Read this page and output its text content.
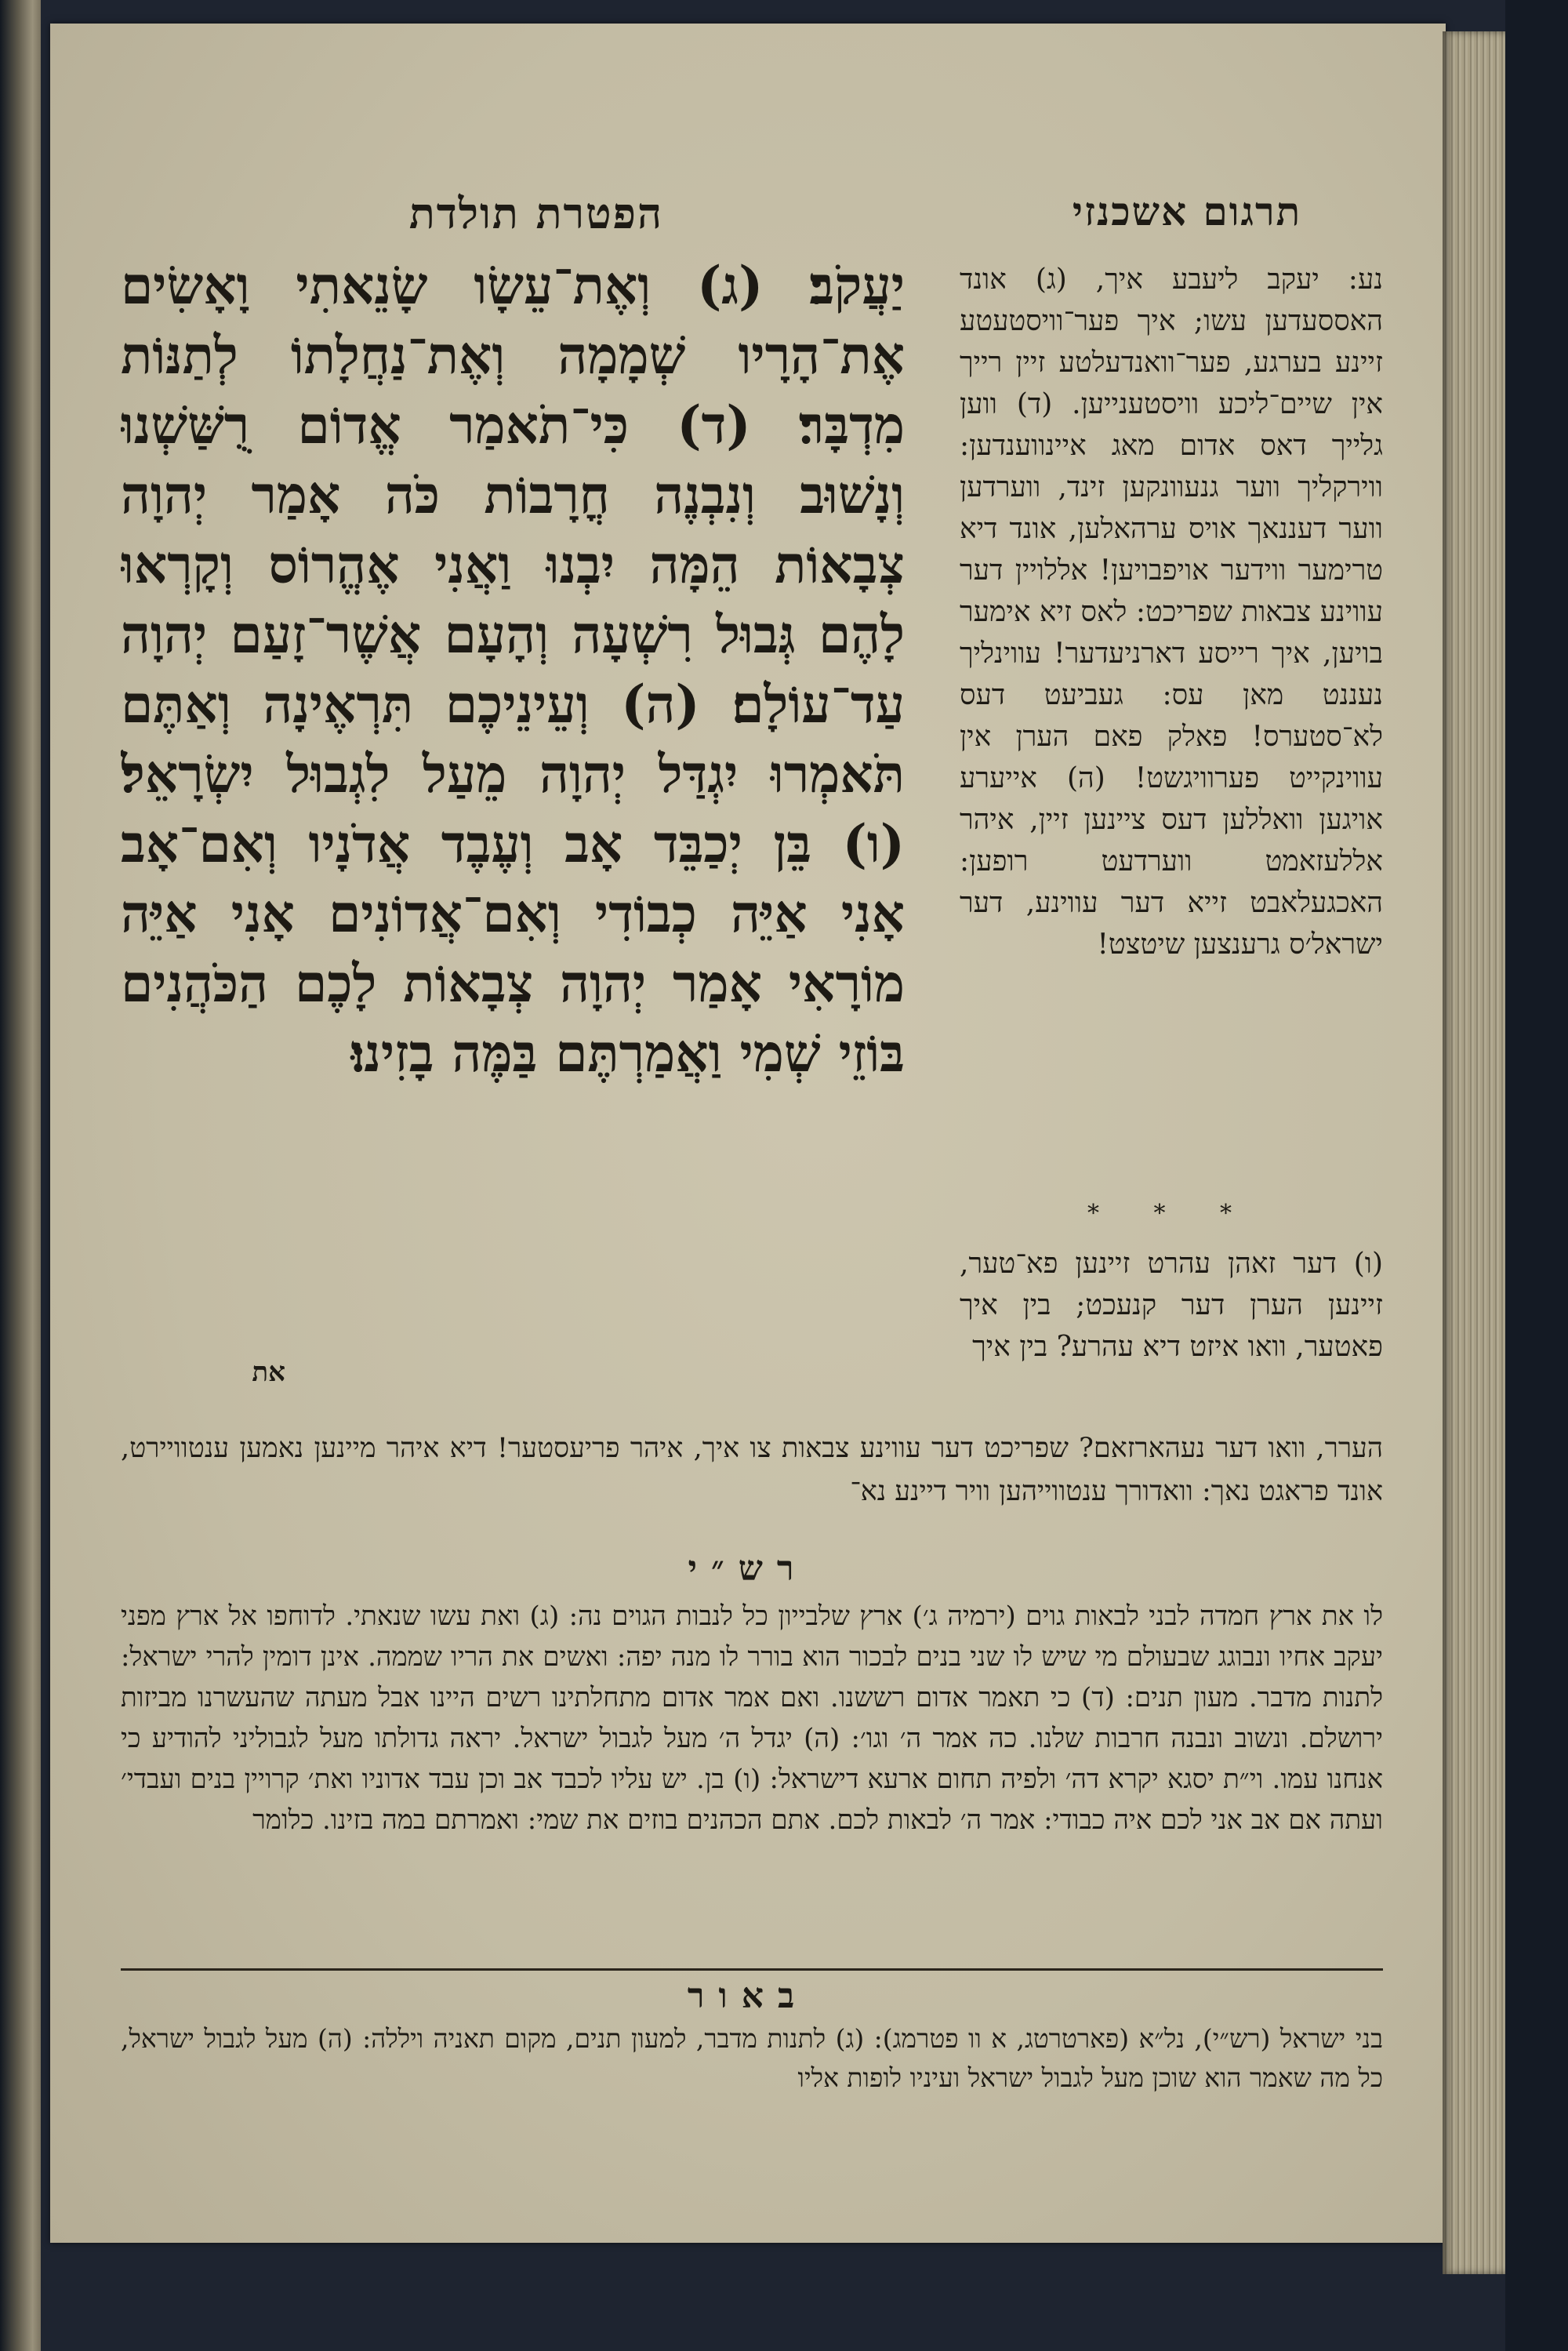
תרגום אשכנזי
הפטרת תולדת
יַעֲקֹב׃ (ג) וְאֶת־עֵשָׂו שָׂנֵאתִי וָאָשִׂים אֶת־הָרָיו שְׁמָמָה וְאֶת־נַחֲלָתוֹ לְתַנּוֹת מִדְבָּר׃ (ד) כִּי־תֹאמַר אֱדוֹם רֻשַּׁשְׁנוּ וְנָשׁוּב וְנִבְנֶה חֳרָבוֹת כֹּה אָמַר יְהוָה צְבָאוֹת הֵמָּה יִבְנוּ וַאֲנִי אֶהֱרוֹס וְקָרְאוּ לָהֶם גְּבוּל רִשְׁעָה וְהָעָם אֲשֶׁר־זָעַם יְהוָה עַד־עוֹלָם׃ (ה) וְעֵינֵיכֶם תִּרְאֶינָה וְאַתֶּם תֹּאמְרוּ יִגְדַּל יְהוָה מֵעַל לִגְבוּל יִשְׂרָאֵל׃ (ו) בֵּן יְכַבֵּד אָב וְעֶבֶד אֲדֹנָיו וְאִם־אָב אָנִי אַיֵּה כְבוֹדִי וְאִם־אֲדוֹנִים אָנִי אַיֵּה מוֹרָאִי אָמַר יְהוָה צְבָאוֹת לָכֶם הַכֹּהֲנִים בּוֹזֵי שְׁמִי וַאֲמַרְתֶּם בַּמֶּה בָזִינוּ׃
את
נע: יעקב ליעבע איך, (ג) אונד האססעדען עשו; איך פער־וויסטעטע זיינע בערגע, פער־וואנדעלטע זיין רייך אין שיים־ליכע וויסטענייען. (ד) ווען גלייך דאס אדום מאג איינווענדען: ווירקליך ווער גנעוונקען זינד, ווערדען ווער דעננאך אויס ערהאלען, אונד דיא טרימער ווידער אויפבויען! אללויין דער עווינע צבאות שפריכט: לאס זיא אימער בויען, איך רייסע דארניעדער! עווינליך נעננט מאן עס: געביעט דעס לא־סטערס! פאלק פאם הערן אין עווינקייט פערוויגשט! (ה) אייערע אויגען וואללען דעס ציינען זיין, איהר אללעזאמט ווערדעט רופען: האכגעלאבט זייא דער עווינע, דער ישראל׳ס גרענצען שיטצט!
* * *
(ו) דער זאהן עהרט זיינען פא־טער, זיינען הערן דער קנעכט; בין איך פאטער, וואו איזט דיא עהרע? בין איך
הערר, וואו דער נעהארזאם? שפריכט דער עווינע צבאות צו איך, איהר פריעסטער! דיא איהר מיינען נאמען ענטוויירט, אונד פראגט נאך: וואדורך ענטווייהען וויר דיינע נא־
רש״י
לו את ארץ חמדה לבני לבאות גוים (ירמיה ג׳) ארץ שלבייון כל לנבות הגוים נה: (ג) ואת עשו שנאתי. לדוחפו אל ארץ מפני יעקב אחיו ונבוגג שבעולם מי שיש לו שני בנים לבכור הוא בורר לו מנה יפה: ואשים את הריו שממה. אינן דומין להרי ישראל: לתנות מדבר. מעון תנים: (ד) כי תאמר אדום רששנו. ואם אמר אדום מתחלתינו רשים היינו אבל מעתה שהעשרנו מביזות ירושלם. ונשוב ונבנה חרבות שלנו. כה אמר ה׳ וגו׳: (ה) יגדל ה׳ מעל לגבול ישראל. יראה גדולתו מעל לגבוליני להודיע כי אנחנו עמו. וי״ת יסגא יקרא דה׳ ולפיה תחום ארעא דישראל: (ו) בן. יש עליו לכבד אב וכן עבד אדוניו ואת׳ קרויין בנים ועבדי׳ ועתה אם אב אני לכם איה כבודי: אמר ה׳ לבאות לכם. אתם הכהנים בוזים את שמי: ואמרתם במה בזינו. כלומר
באור
בני ישראל (רש״י), נל״א (פארטרטג, א וו פטרמג): (ג) לתנות מדבר, למעון תנים, מקום תאניה ויללה: (ה) מעל לגבול ישראל, כל מה שאמר הוא שוכן מעל לגבול ישראל ועיניו לופות אליו
